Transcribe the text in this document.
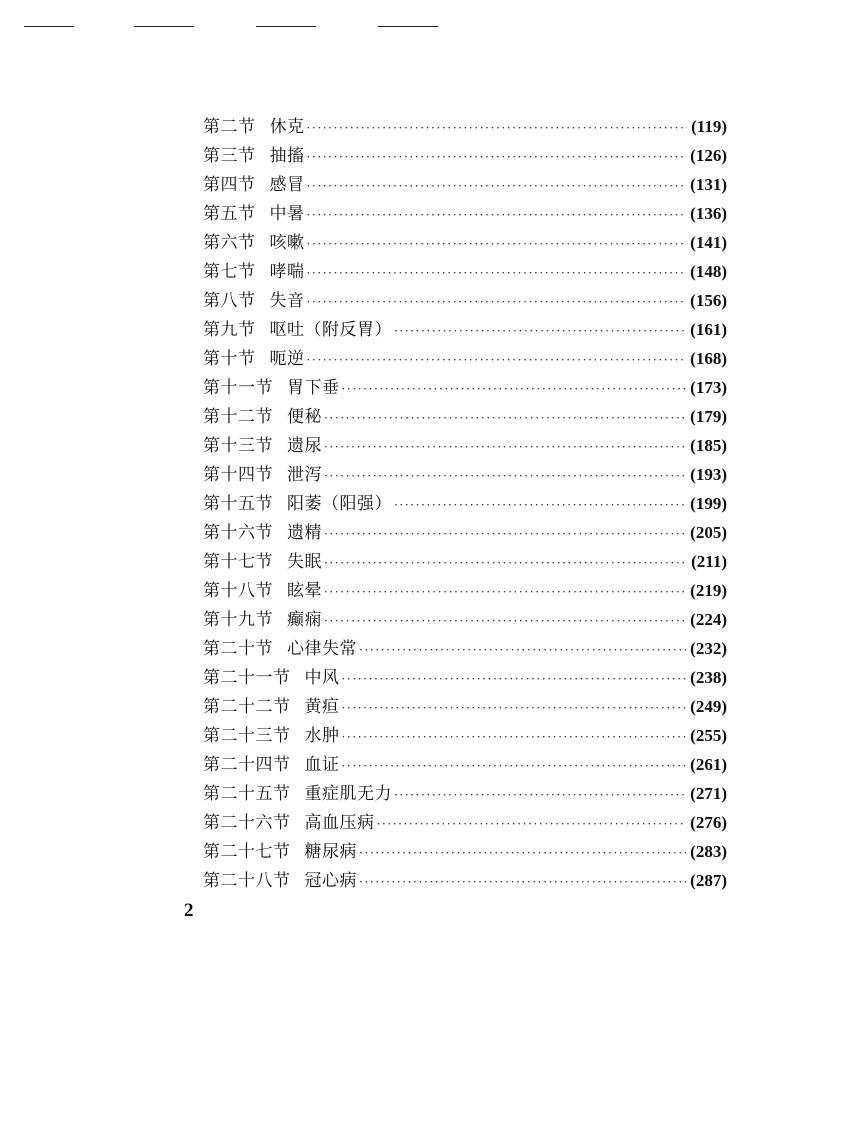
第二节 休克 ·····	(119)
第三节 抽搐 ·····	(126)
第四节 感冒 ·····	(131)
第五节 中暑 ·····	(136)
第六节 咳嗽 ·····	(141)
第七节 哮喘 ·····	(148)
第八节 失音 ·····	(156)
第九节 呕吐（附反胃） ·····	(161)
第十节 呃逆 ·····	(168)
第十一节 胃下垂 ·····	(173)
第十二节 便秘 ·····	(179)
第十三节 遗尿 ·····	(185)
第十四节 泄泻 ·····	(193)
第十五节 阳萎（阳强） ·····	(199)
第十六节 遗精 ·····	(205)
第十七节 失眠 ·····	(211)
第十八节 眩晕 ·····	(219)
第十九节 癫痫 ·····	(224)
第二十节 心律失常 ·····	(232)
第二十一节 中风 ·····	(238)
第二十二节 黄疸 ·····	(249)
第二十三节 水肿 ·····	(255)
第二十四节 血证 ·····	(261)
第二十五节 重症肌无力 ·····	(271)
第二十六节 高血压病 ·····	(276)
第二十七节 糖尿病 ·····	(283)
第二十八节 冠心病 ·····	(287)
2
